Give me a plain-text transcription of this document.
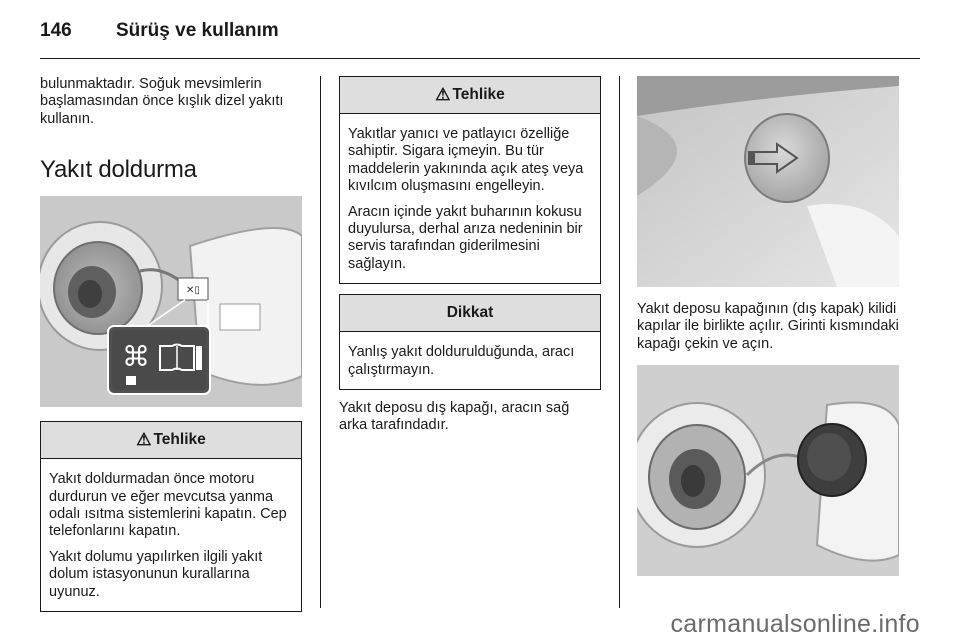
146	Sürüş ve kullanım

bulunmaktadır. Soğuk mevsimlerin başlamasından önce kışlık dizel yakıtı kullanın.

Yakıt doldurma
✕▯
⌘
⚠ Tehlike

Yakıt doldurmadan önce motoru durdurun ve eğer mevcutsa yanma odalı ısıtma sistemlerini kapatın. Cep telefonlarını kapatın.

Yakıt dolumu yapılırken ilgili yakıt dolum istasyonunun kurallarına uyunuz.

⚠ Tehlike

Yakıtlar yanıcı ve patlayıcı özelliğe sahiptir. Sigara içmeyin. Bu tür maddelerin yakınında açık ateş veya kıvılcım oluşmasını engelleyin.

Aracın içinde yakıt buharının kokusu duyulursa, derhal arıza nedeninin bir servis tarafından giderilmesini sağlayın.

Dikkat

Yanlış yakıt doldurulduğunda, aracı çalıştırmayın.

Yakıt deposu dış kapağı, aracın sağ arka tarafındadır.

Yakıt deposu kapağının (dış kapak) kilidi kapılar ile birlikte açılır. Girinti kısmındaki kapağı çekin ve açın.

carmanualsonline.info
